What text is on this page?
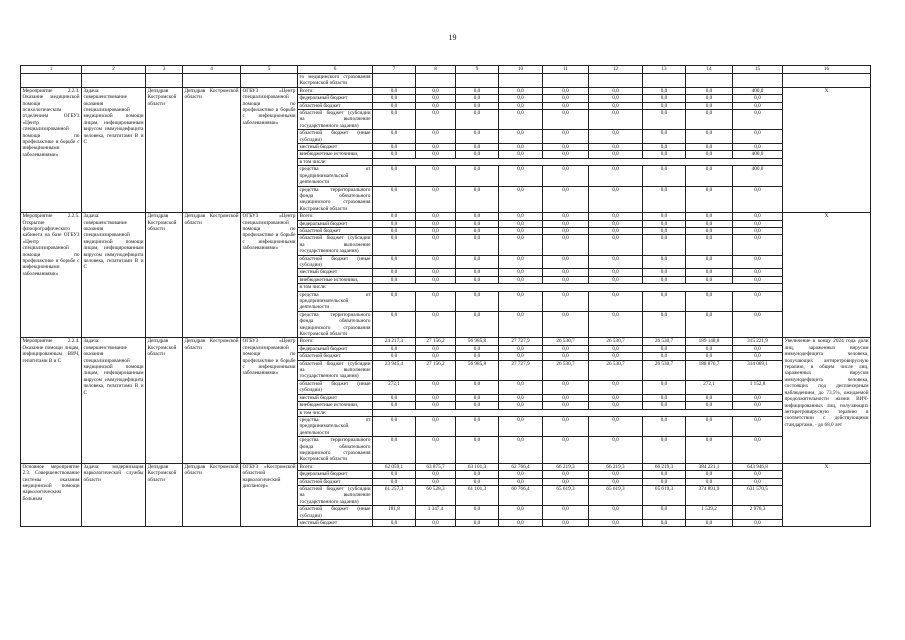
19
1	2	3	4	5	6	7	8	9	10	11	12	13	14	15	16
					го медицинского страхования Костромской области										
Мероприятие 2.2.3. Оказание медицинской помощи психологическим отделением ОГБУЗ «Центр специализированной помощи по профилактике и борьбе с инфекционными заболеваниями»	Задача: совершенствование оказания специализированной медицинской помощи лицам, инфицированным вирусом иммунодефицита человека, гепатитами В и С	Депздрав Костромской области	Депздрав Костромской области	ОГБУЗ «Центр специализированной помощи по профилактике и борьбе с инфекционными заболеваниями»	Всего:	0,0	0,0	0,0	0,0	0,0	0,0	0,0	0,0	400,0	Х
					федеральный бюджет	0,0	0,0	0,0	0,0	0,0	0,0	0,0	0,0	0,0	
					областной бюджет	0,0	0,0	0,0	0,0	0,0	0,0	0,0	0,0	0,0	
					областной бюджет (субсидии на выполнение государственного задания)	0,0	0,0	0,0	0,0	0,0	0,0	0,0	0,0	0,0	
					областной бюджет (иные субсидии)	0,0	0,0	0,0	0,0	0,0	0,0	0,0	0,0	0,0	
					местный бюджет	0,0	0,0	0,0	0,0	0,0	0,0	0,0	0,0	0,0	
					внебюджетные источники,	0,0	0,0	0,0	0,0	0,0	0,0	0,0	0,0	400,0	
					в том числе:										
					средства от предпринимательской деятельности	0,0	0,0	0,0	0,0	0,0	0,0	0,0	0,0	400,0	
					средства территориального фонда обязательного медицинского страхования Костромской области	0,0	0,0	0,0	0,0	0,0	0,0	0,0	0,0	0,0	
Мероприятие 2.2.5. Открытие флюорографического кабинета на базе ОГБУЗ «Центр специализированной помощи по профилактике и борьбе с инфекционными заболеваниями»	Задача: совершенствование оказания специализированной медицинской помощи лицам, инфицированным вирусом иммунодефицита человека, гепатитами В и С	Депздрав Костромской области	Депздрав Костромской области	ОГБУЗ «Центр специализированной помощи по профилактике и борьбе с инфекционными заболеваниями»	Всего:	0,0	0,0	0,0	0,0	0,0	0,0	0,0	0,0	0,0	Х
					федеральный бюджет	0,0	0,0	0,0	0,0	0,0	0,0	0,0	0,0	0,0	
					областной бюджет	0,0	0,0	0,0	0,0	0,0	0,0	0,0	0,0	0,0	
					областной бюджет (субсидии на выполнение государственного задания)	0,0	0,0	0,0	0,0	0,0	0,0	0,0	0,0	0,0	
					областной бюджет (иные субсидии)	0,0	0,0	0,0	0,0	0,0	0,0	0,0	0,0	0,0	
					местный бюджет	0,0	0,0	0,0	0,0	0,0	0,0	0,0	0,0	0,0	
					внебюджетные источники,	0,0	0,0	0,0	0,0	0,0	0,0	0,0	0,0	0,0	
					в том числе:										
					средства от предпринимательской деятельности	0,0	0,0	0,0	0,0	0,0	0,0	0,0	0,0	0,0	
					средства территориального фонда обязательного медицинского страхования Костромской области	0,0	0,0	0,0	0,0	0,0	0,0	0,0	0,0	0,0	
Мероприятие 2.2.4. Оказание помощи лицам, инфицированным ВИЧ, гепатитами В и С	Задача: совершенствование оказания специализированной медицинской помощи лицам, инфицированным вирусом иммунодефицита человека, гепатитами В и С	Депздрав Костромской области	Депздрав Костромской области	ОГБУЗ «Центр специализированной помощи по профилактике и борьбе с инфекционными заболеваниями»	Всего:	24 217,3	27 156,2	56 985,8	27 727,9	26 530,7	26 530,7	26 530,7	189 148,8	315 221,9	Увеличение к концу 2024 года доли лиц, зараженных вирусом иммунодефицита человека, получающих антиретровирусную терапию, в общем числе лиц, зараженных вирусом иммунодефицита человека, состоящих под диспансерным наблюдением, до 73,5%, ожидаемой продолжительности жизни ВИЧ-инфицированных лиц, получающих антиретровирусную терапию в соответствии с действующими стандартами, - до 68,0 лет
					федеральный бюджет	0,0	0,0	0,0	0,0	0,0	0,0	0,0	0,0	0,0	
					областной бюджет	0,0	0,0	0,0	0,0	0,0	0,0	0,0	0,0	0,0	
					областной бюджет (субсидии на выполнение государственного задания)	23 945,4	27 156,2	56 985,8	27 727,9	26 530,7	26 530,7	26 530,7	188 876,7	314 069,1	
					областной бюджет (иные субсидии)	272,1	0,0	0,0	0,0	0,0	0,0	0,0	272,1	1 152,8	
					местный бюджет	0,0	0,0	0,0	0,0	0,0	0,0	0,0	0,0	0,0	
					внебюджетные источники,	0,0	0,0	0,0	0,0	0,0	0,0	0,0	0,0	0,0	
					в том числе:										
					средства от предпринимательской деятельности	0,0	0,0	0,0	0,0	0,0	0,0	0,0	0,0	0,0	
					средства территориального фонда обязательного медицинского страхования Костромской области	0,0	0,0	0,0	0,0	0,0	0,0	0,0	0,0	0,0	
Основное мероприятие 2.3. Совершенствование системы оказания медицинской помощи наркологическим больным	Задача: модернизация наркологической службы области	Депздрав Костромской области	Депздрав Костромской области	ОГБУЗ «Костромской областной наркологический диспансер»	Всего:	62 059,1	63 875,7	63 101,3	62 766,4	66 219,3	66 219,3	66 219,3	384 221,1	643 946,8	Х
					федеральный бюджет	0,0	0,0	0,0	0,0	0,0	0,0	0,0	0,0	0,0	
					областной бюджет	0,0	0,0	0,0	0,0	0,0	0,0	0,0	0,0	0,0	
					областной бюджет (субсидии на выполнение государственного задания)	61 257,3	60 528,3	61 101,3	60 766,4	65 619,3	65 619,3	65 619,3	374 891,9	631 570,5	
					областной бюджет (иные субсидии)	181,8	1 347,4	0,0	0,0	0,0	0,0	0,0	1 539,2	2 976,3	
					местный бюджет	0,0	0,0	0,0	0,0	0,0	0,0	0,0	0,0	0,0	
